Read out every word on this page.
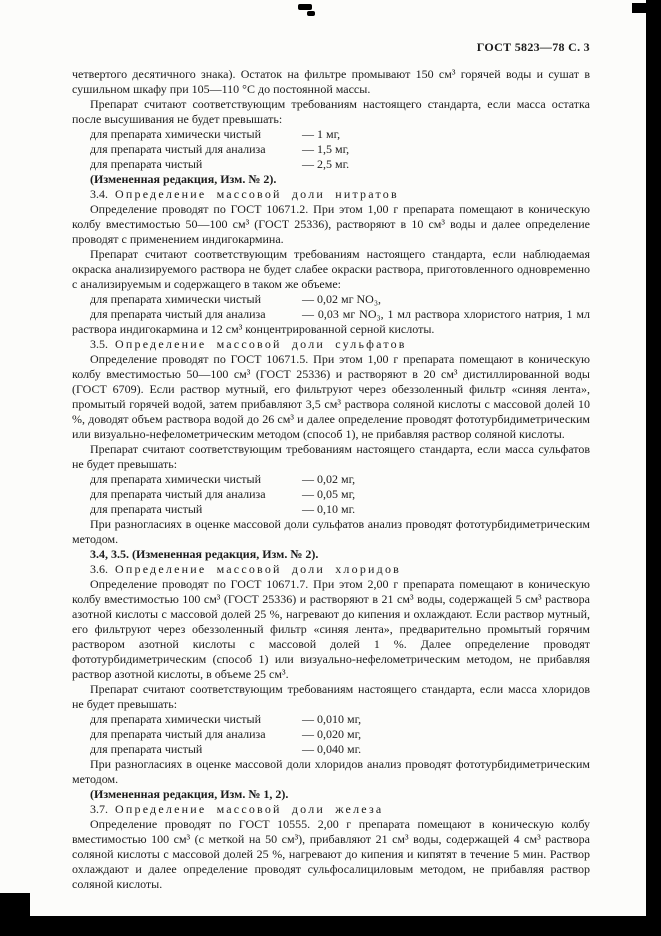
ГОСТ 5823—78 С. 3

четвертого десятичного знака). Остаток на фильтре промывают 150 см³ горячей воды и сушат в сушильном шкафу при 105—110 °С до постоянной массы.

Препарат считают соответствующим требованиям настоящего стандарта, если масса остатка после высушивания не будет превышать:

для препарата химически чистый	— 1 мг,

для препарата чистый для анализа	— 1,5 мг,

для препарата чистый	— 2,5 мг.

(Измененная редакция, Изм. № 2).

3.4. Определение массовой доли нитратов

Определение проводят по ГОСТ 10671.2. При этом 1,00 г препарата помещают в коническую колбу вместимостью 50—100 см³ (ГОСТ 25336), растворяют в 10 см³ воды и далее определение проводят с применением индигокармина.

Препарат считают соответствующим требованиям настоящего стандарта, если наблюдаемая окраска анализируемого раствора не будет слабее окраски раствора, приготовленного одновременно с анализируемым и содержащего в таком же объеме:

для препарата химически чистый	— 0,02 мг NO₃,

для препарата чистый для анализа	— 0,03 мг NO₃, 1 мл раствора хлористого натрия, 1 мл раствора индигокармина и 12 см³ концентрированной серной кислоты.

3.5. Определение массовой доли сульфатов

Определение проводят по ГОСТ 10671.5. При этом 1,00 г препарата помещают в коническую колбу вместимостью 50—100 см³ (ГОСТ 25336) и растворяют в 20 см³ дистиллированной воды (ГОСТ 6709). Если раствор мутный, его фильтруют через обеззоленный фильтр «синяя лента», промытый горячей водой, затем прибавляют 3,5 см³ раствора соляной кислоты с массовой долей 10 %, доводят объем раствора водой до 26 см³ и далее определение проводят фототурбидиметрическим или визуально-нефелометрическим методом (способ 1), не прибавляя раствор соляной кислоты.

Препарат считают соответствующим требованиям настоящего стандарта, если масса сульфатов не будет превышать:

для препарата химически чистый	— 0,02 мг,

для препарата чистый для анализа	— 0,05 мг,

для препарата чистый	— 0,10 мг.

При разногласиях в оценке массовой доли сульфатов анализ проводят фототурбидиметрическим методом.

3.4, 3.5. (Измененная редакция, Изм. № 2).

3.6. Определение массовой доли хлоридов

Определение проводят по ГОСТ 10671.7. При этом 2,00 г препарата помещают в коническую колбу вместимостью 100 см³ (ГОСТ 25336) и растворяют в 21 см³ воды, содержащей 5 см³ раствора азотной кислоты с массовой долей 25 %, нагревают до кипения и охлаждают. Если раствор мутный, его фильтруют через обеззоленный фильтр «синяя лента», предварительно промытый горячим раствором азотной кислоты с массовой долей 1 %. Далее определение проводят фототурбидиметрическим (способ 1) или визуально-нефелометрическим методом, не прибавляя раствор азотной кислоты, в объеме 25 см³.

Препарат считают соответствующим требованиям настоящего стандарта, если масса хлоридов не будет превышать:

для препарата химически чистый	— 0,010 мг,

для препарата чистый для анализа	— 0,020 мг,

для препарата чистый	— 0,040 мг.

При разногласиях в оценке массовой доли хлоридов анализ проводят фототурбидиметрическим методом.

(Измененная редакция, Изм. № 1, 2).

3.7. Определение массовой доли железа

Определение проводят по ГОСТ 10555. 2,00 г препарата помещают в коническую колбу вместимостью 100 см³ (с меткой на 50 см³), прибавляют 21 см³ воды, содержащей 4 см³ раствора соляной кислоты с массовой долей 25 %, нагревают до кипения и кипятят в течение 5 мин. Раствор охлаждают и далее определение проводят сульфосалициловым методом, не прибавляя раствор соляной кислоты.
